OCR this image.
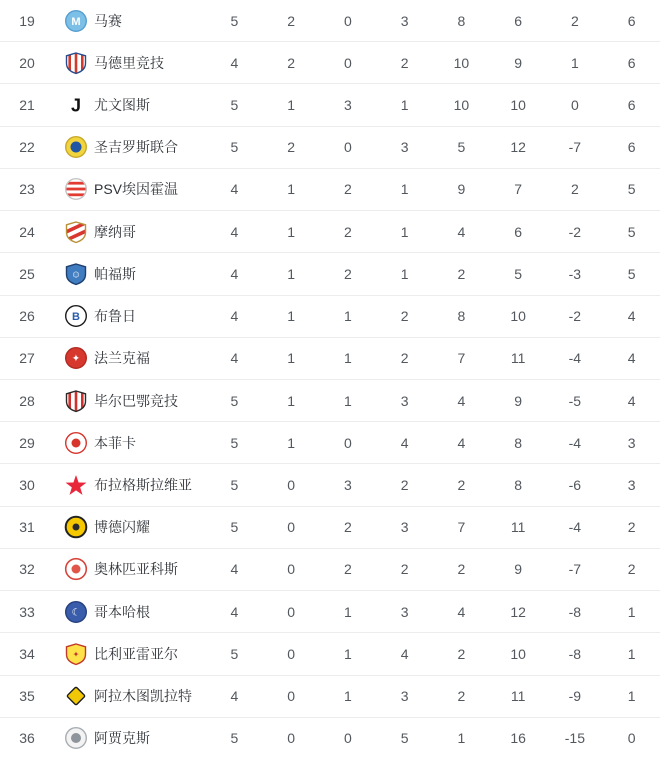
19	M 马赛	5	2	0	3	8	6	2	6
20	马德里竞技	4	2	0	2	10	9	1	6
21 J 尤文图斯	5	1	3	1	10	10	0	6
22	圣吉罗斯联合	5	2	0	3	5	12	-7	6
23	PSV埃因霍温	4	1	2	1	9	7	2	5
24	摩纳哥	4	1	2	1	4	6	-2	5
25	☺ 帕福斯	4	1	2	1	2	5	-3	5
26	B 布鲁日	4	1	1	2	8	10	-2	4
27	✦ 法兰克福	4	1	1	2	7	11	-4	4
28	毕尔巴鄂竞技	5	1	1	3	4	9	-5	4
29	本菲卡	5	1	0	4	4	8	-4	3
30	布拉格斯拉维亚	5	0	3	2	2	8	-6	3
31	博德闪耀	5	0	2	3	7	11	-4	2
32	奥林匹亚科斯	4	0	2	2	2	9	-7	2
33	☾ 哥本哈根	4	0	1	3	4	12	-8	1
34	✦ 比利亚雷亚尔	5	0	1	4	2	10	-8	1
35	阿拉木图凯拉特	4	0	1	3	2	11	-9	1
36	阿贾克斯	5	0	0	5	1	16	-15	0
